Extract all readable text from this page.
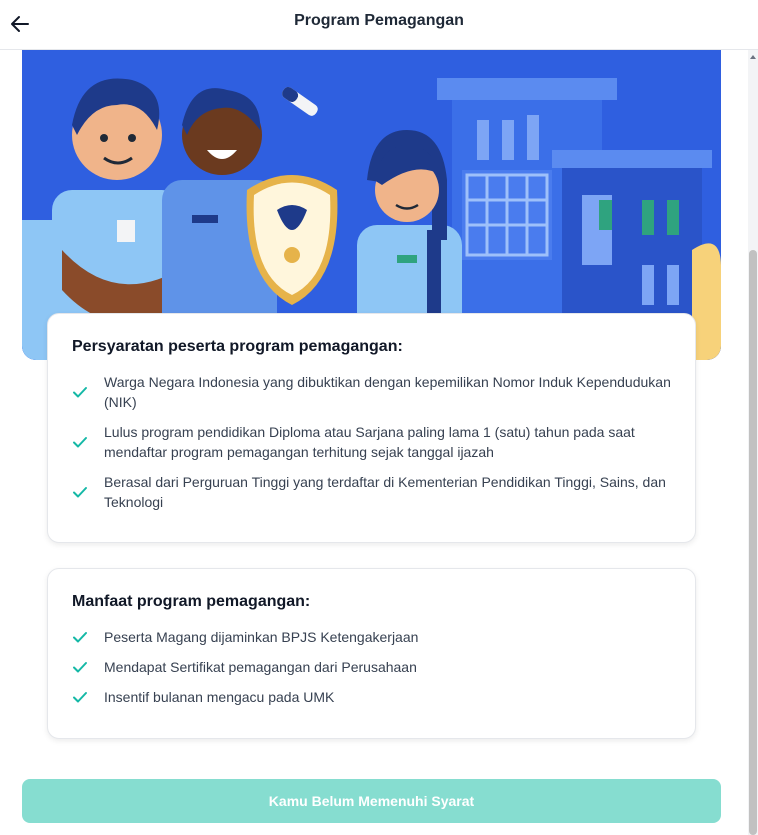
Program Pemagangan
Persyaratan peserta program pemagangan:
Warga Negara Indonesia yang dibuktikan dengan kepemilikan Nomor Induk Kependudukan (NIK)
Lulus program pendidikan Diploma atau Sarjana paling lama 1 (satu) tahun pada saat mendaftar program pemagangan terhitung sejak tanggal ijazah
Berasal dari Perguruan Tinggi yang terdaftar di Kementerian Pendidikan Tinggi, Sains, dan Teknologi
Manfaat program pemagangan:
Peserta Magang dijaminkan BPJS Ketengakerjaan
Mendapat Sertifikat pemagangan dari Perusahaan
Insentif bulanan mengacu pada UMK
Kamu Belum Memenuhi Syarat
